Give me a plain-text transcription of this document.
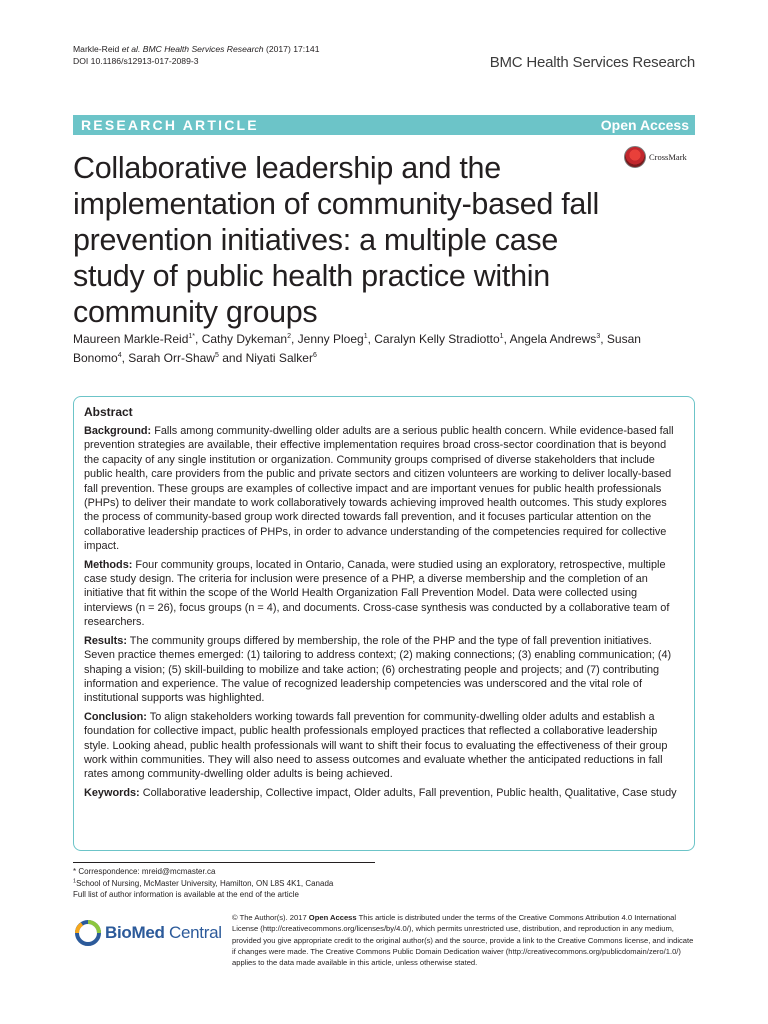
Markle-Reid et al. BMC Health Services Research (2017) 17:141
DOI 10.1186/s12913-017-2089-3	BMC Health Services Research
RESEARCH ARTICLE	Open Access
CrossMark
Collaborative leadership and the implementation of community-based fall prevention initiatives: a multiple case study of public health practice within community groups
Maureen Markle-Reid$^{1*}$, Cathy Dykeman$^2$, Jenny Ploeg$^1$, Caralyn Kelly Stradiotto$^1$, Angela Andrews$^3$, Susan Bonomo$^4$, Sarah Orr-Shaw$^5$ and Niyati Salker$^6$
Abstract

Background: Falls among community-dwelling older adults are a serious public health concern. While evidence-based fall prevention strategies are available, their effective implementation requires broad cross-sector coordination that is beyond the capacity of any single institution or organization. Community groups comprised of diverse stakeholders that include public health, care providers from the public and private sectors and citizen volunteers are working to deliver locally-based fall prevention. These groups are examples of collective impact and are important venues for public health professionals (PHPs) to deliver their mandate to work collaboratively towards achieving improved health outcomes. This study explores the process of community-based group work directed towards fall prevention, and it focuses particular attention on the collaborative leadership practices of PHPs, in order to advance understanding of the competencies required for collective impact.

Methods: Four community groups, located in Ontario, Canada, were studied using an exploratory, retrospective, multiple case study design. The criteria for inclusion were presence of a PHP, a diverse membership and the completion of an initiative that fit within the scope of the World Health Organization Fall Prevention Model. Data were collected using interviews (n = 26), focus groups (n = 4), and documents. Cross-case synthesis was conducted by a collaborative team of researchers.

Results: The community groups differed by membership, the role of the PHP and the type of fall prevention initiatives. Seven practice themes emerged: (1) tailoring to address context; (2) making connections; (3) enabling communication; (4) shaping a vision; (5) skill-building to mobilize and take action; (6) orchestrating people and projects; and (7) contributing information and experience. The value of recognized leadership competencies was underscored and the vital role of institutional supports was highlighted.

Conclusion: To align stakeholders working towards fall prevention for community-dwelling older adults and establish a foundation for collective impact, public health professionals employed practices that reflected a collaborative leadership style. Looking ahead, public health professionals will want to shift their focus to evaluating the effectiveness of their group work within communities. They will also need to assess outcomes and evaluate whether the anticipated reductions in fall rates among community-dwelling older adults is being achieved.

Keywords: Collaborative leadership, Collective impact, Older adults, Fall prevention, Public health, Qualitative, Case study

* Correspondence: mreid@mcmaster.ca
$^1$School of Nursing, McMaster University, Hamilton, ON L8S 4K1, Canada
Full list of author information is available at the end of the article
BioMed Central
© The Author(s). 2017 Open Access This article is distributed under the terms of the Creative Commons Attribution 4.0 International License (http://creativecommons.org/licenses/by/4.0/), which permits unrestricted use, distribution, and reproduction in any medium, provided you give appropriate credit to the original author(s) and the source, provide a link to the Creative Commons license, and indicate if changes were made. The Creative Commons Public Domain Dedication waiver (http://creativecommons.org/publicdomain/zero/1.0/) applies to the data made available in this article, unless otherwise stated.
